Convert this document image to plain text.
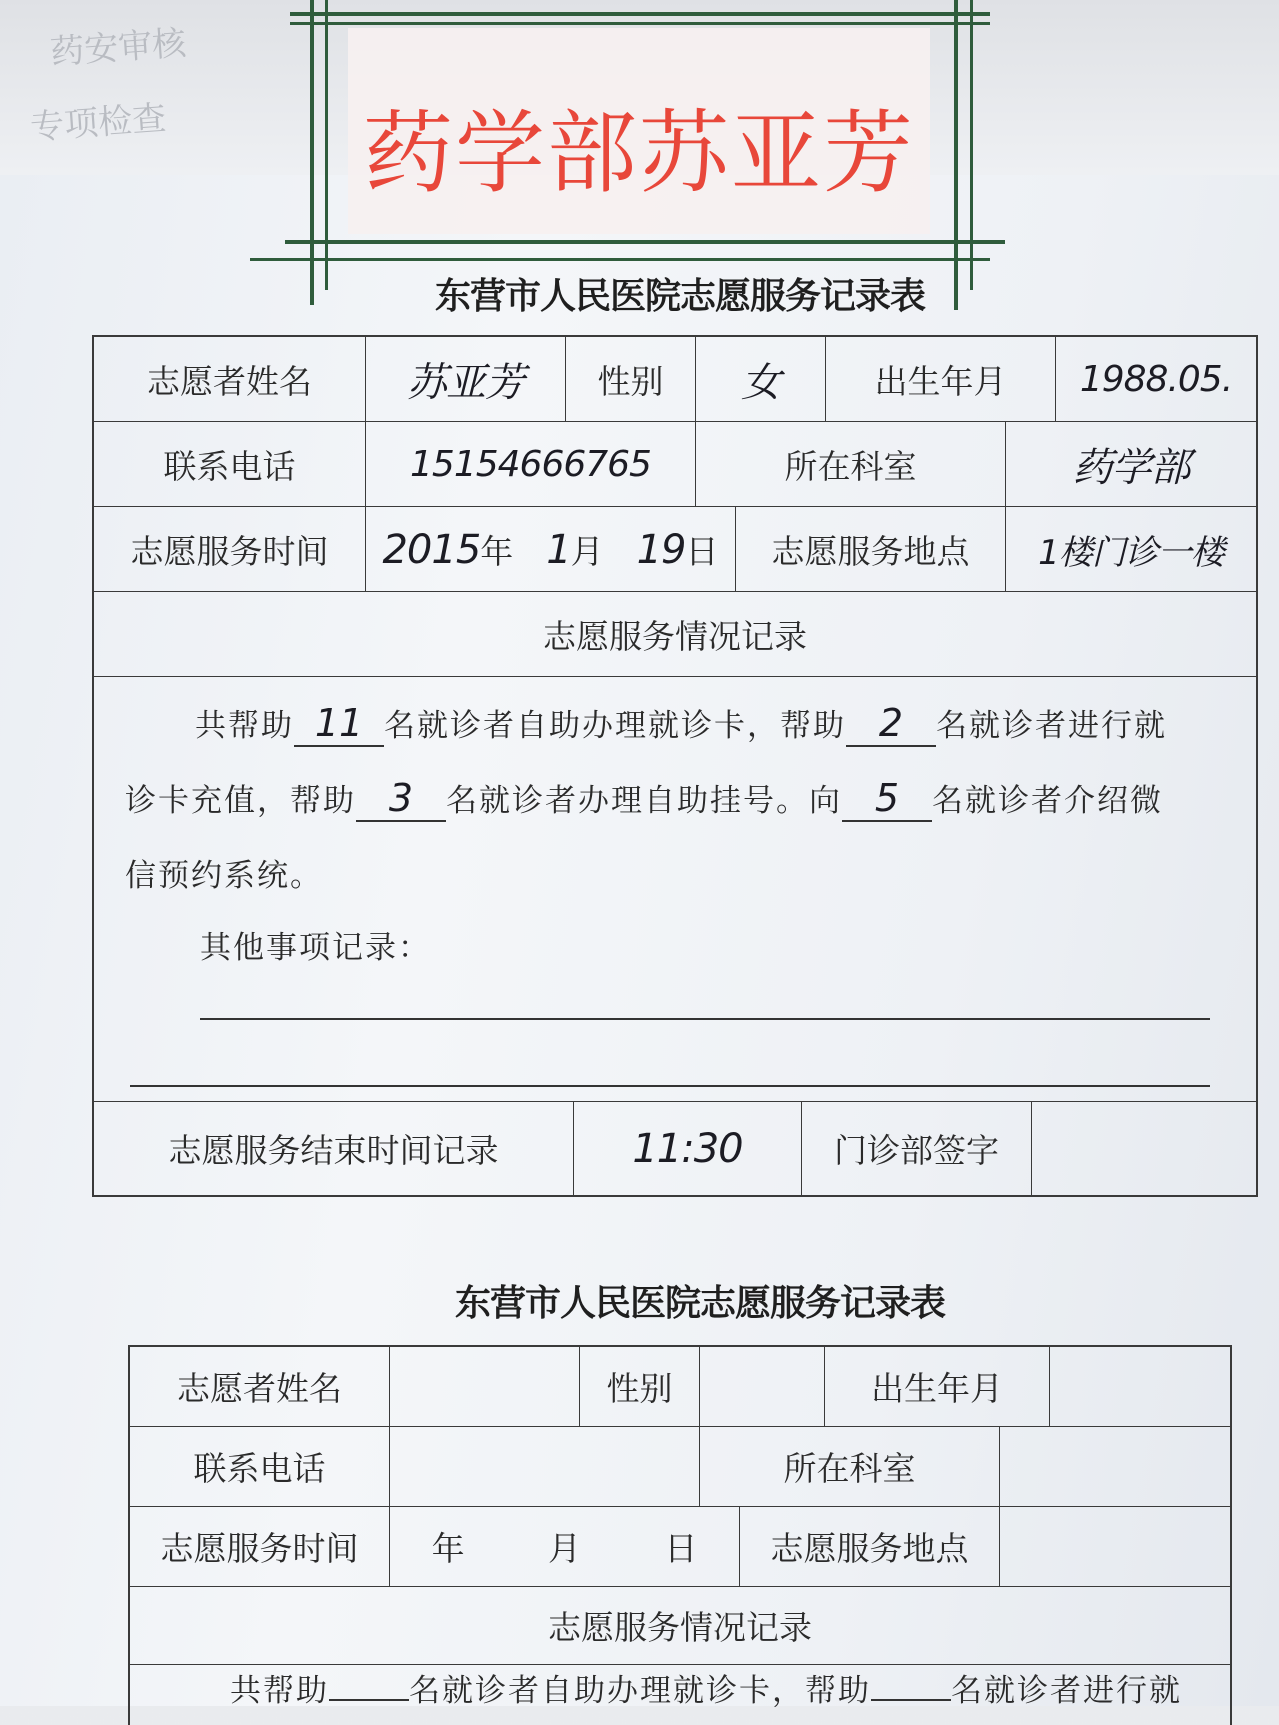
药安审核
专项检查 药学部苏亚芳
东营市人民医院志愿服务记录表
志愿者姓名	苏亚芳	性别	女	出生年月	1988.05.
联系电话	15154666765	所在科室	药学部
志愿服务时间	2015年 1月 19日	志愿服务地点	1楼门诊一楼
志愿服务情况记录
志愿服务结束时间记录	11:30	门诊部签字
共帮助 11 名就诊者自助办理就诊卡，帮助 2 名就诊者进行就
诊卡充值，帮助 3 名就诊者办理自助挂号。向 5 名就诊者介绍微
信预约系统。
其他事项记录：
东营市人民医院志愿服务记录表
志愿者姓名	性别	出生年月
联系电话	所在科室
志愿服务时间	年	月	日	志愿服务地点
志愿服务情况记录
共帮助	名就诊者自助办理就诊卡，帮助	名就诊者进行就
